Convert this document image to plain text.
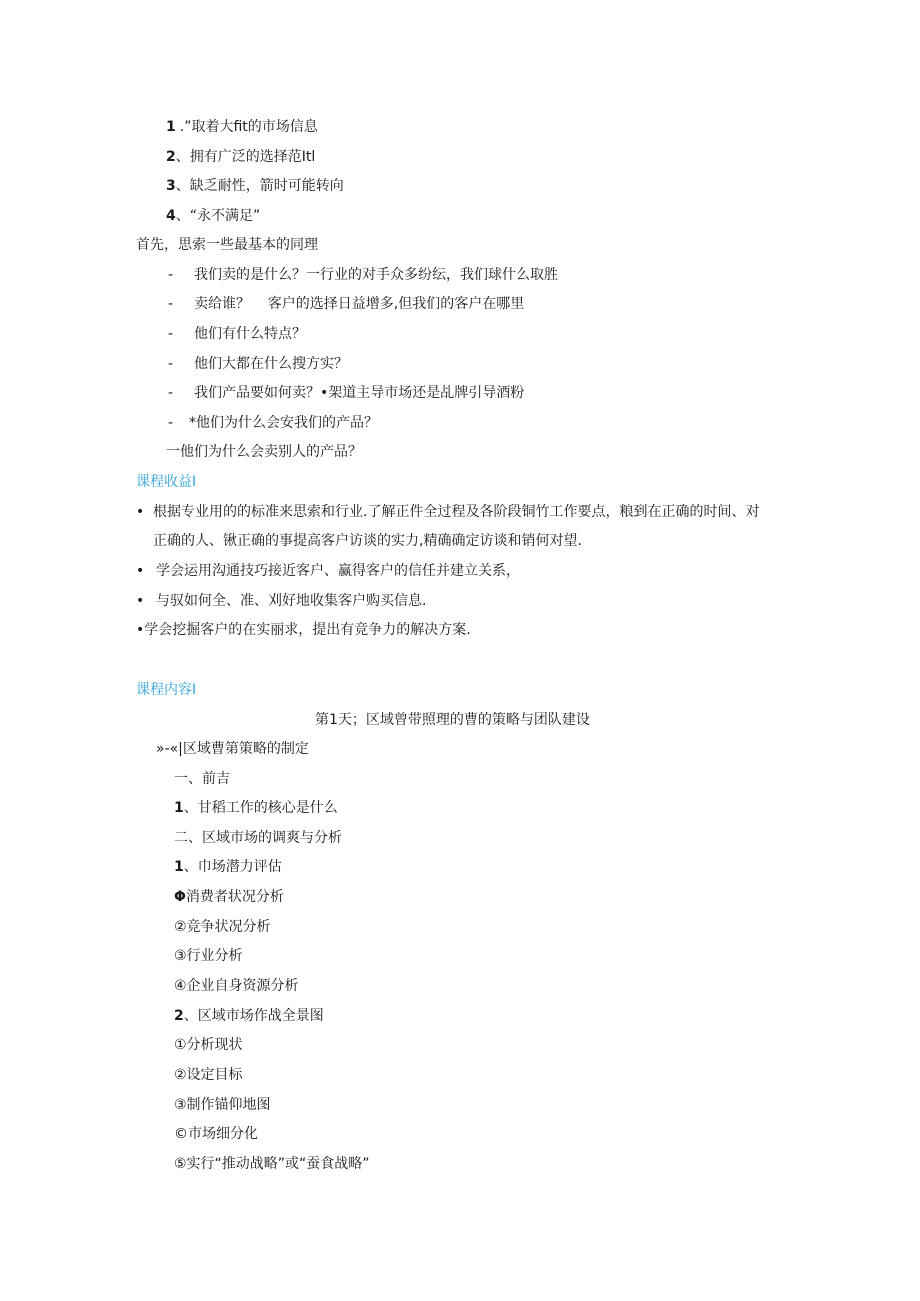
1 .”取着大fit的市场信息
2、拥有广泛的选择范Itl
3、缺乏耐性，箭时可能转向
4、“永不满足”
首先，思索一些最基本的同理
- 我们卖的是什么？一行业的对手众多纷纭，我们球什么取胜
- 卖给谁？    客户的选择日益增多,但我们的客户在哪里
- 他们有什么特点？
- 他们大都在什么搜方实？
- 我们产品要如何卖？•架道主导市场还是乩牌引导酒粉
- *他们为什么会安我们的产品？
一他们为什么会卖别人的产品？
课程收益I
• 根据专业用的的标准来思索和行业.了解正件全过程及各阶段铜竹工作要点，粮到在正确的时间、对
正确的人、锹正确的事提高客户访谈的实力,精确确定访谈和销何对望.
• 学会运用沟通技巧接近客户、赢得客户的信任并建立关系，
• 与驭如何全、准、刈好地收集客户购买信息.
•学会挖掘客户的在实丽求，提出有竞争力的解决方案.
课程内容I
第1天；区域曾带照理的曹的策略与团队建设
»-«|区域曹第策略的制定
一、前吉
1、甘稻工作的核心是什么
二、区域市场的调爽与分析
1、巾场潜力评估
Φ消费者状况分析
②竞争状况分析
③行业分析
④企业自身资源分析
2、区域市场作战全景图
①分析现状
②设定目标
③制作锚仰地图
©市场细分化
⑤实行“推动战略”或“蚕食战略”
